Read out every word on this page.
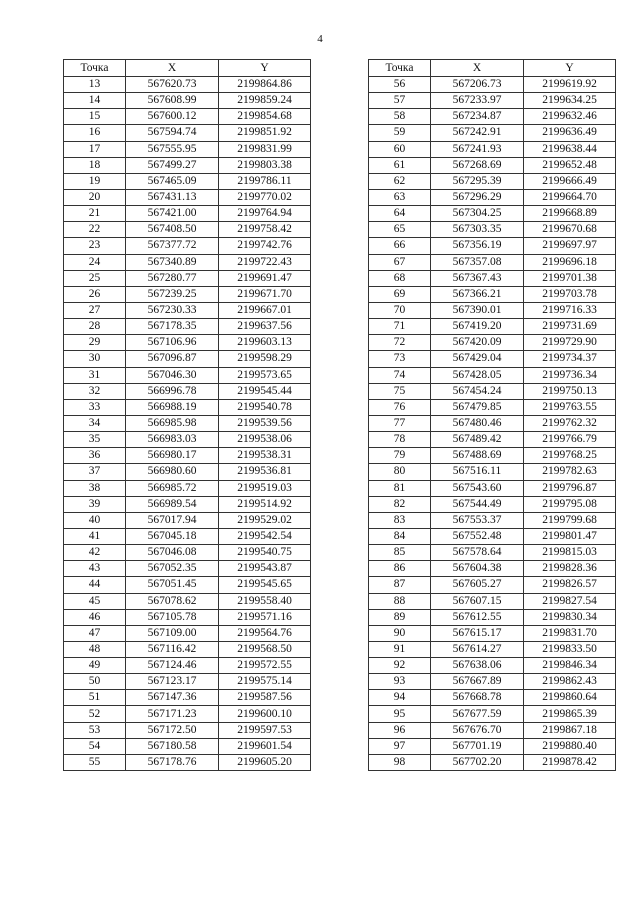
4
Точка	X	Y
13	567620.73	2199864.86
14	567608.99	2199859.24
15	567600.12	2199854.68
16	567594.74	2199851.92
17	567555.95	2199831.99
18	567499.27	2199803.38
19	567465.09	2199786.11
20	567431.13	2199770.02
21	567421.00	2199764.94
22	567408.50	2199758.42
23	567377.72	2199742.76
24	567340.89	2199722.43
25	567280.77	2199691.47
26	567239.25	2199671.70
27	567230.33	2199667.01
28	567178.35	2199637.56
29	567106.96	2199603.13
30	567096.87	2199598.29
31	567046.30	2199573.65
32	566996.78	2199545.44
33	566988.19	2199540.78
34	566985.98	2199539.56
35	566983.03	2199538.06
36	566980.17	2199538.31
37	566980.60	2199536.81
38	566985.72	2199519.03
39	566989.54	2199514.92
40	567017.94	2199529.02
41	567045.18	2199542.54
42	567046.08	2199540.75
43	567052.35	2199543.87
44	567051.45	2199545.65
45	567078.62	2199558.40
46	567105.78	2199571.16
47	567109.00	2199564.76
48	567116.42	2199568.50
49	567124.46	2199572.55
50	567123.17	2199575.14
51	567147.36	2199587.56
52	567171.23	2199600.10
53	567172.50	2199597.53
54	567180.58	2199601.54
55	567178.76	2199605.20
Точка	X	Y
56	567206.73	2199619.92
57	567233.97	2199634.25
58	567234.87	2199632.46
59	567242.91	2199636.49
60	567241.93	2199638.44
61	567268.69	2199652.48
62	567295.39	2199666.49
63	567296.29	2199664.70
64	567304.25	2199668.89
65	567303.35	2199670.68
66	567356.19	2199697.97
67	567357.08	2199696.18
68	567367.43	2199701.38
69	567366.21	2199703.78
70	567390.01	2199716.33
71	567419.20	2199731.69
72	567420.09	2199729.90
73	567429.04	2199734.37
74	567428.05	2199736.34
75	567454.24	2199750.13
76	567479.85	2199763.55
77	567480.46	2199762.32
78	567489.42	2199766.79
79	567488.69	2199768.25
80	567516.11	2199782.63
81	567543.60	2199796.87
82	567544.49	2199795.08
83	567553.37	2199799.68
84	567552.48	2199801.47
85	567578.64	2199815.03
86	567604.38	2199828.36
87	567605.27	2199826.57
88	567607.15	2199827.54
89	567612.55	2199830.34
90	567615.17	2199831.70
91	567614.27	2199833.50
92	567638.06	2199846.34
93	567667.89	2199862.43
94	567668.78	2199860.64
95	567677.59	2199865.39
96	567676.70	2199867.18
97	567701.19	2199880.40
98	567702.20	2199878.42
